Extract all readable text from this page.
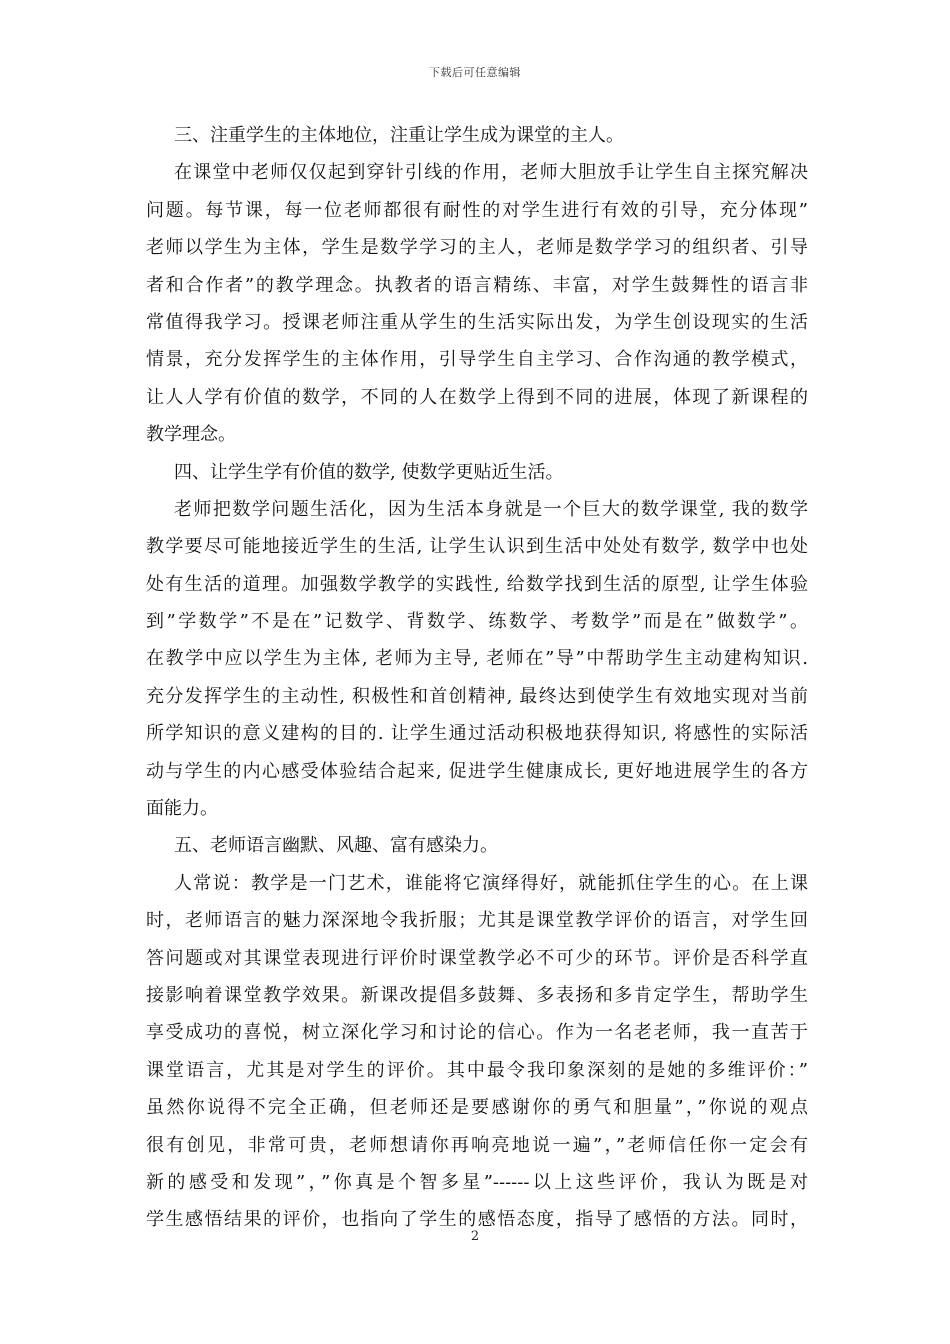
下载后可任意编辑
三、注重学生的主体地位，注重让学生成为课堂的主人。
在课堂中老师仅仅起到穿针引线的作用，老师大胆放手让学生自主探究解决
问题。每节课，每一位老师都很有耐性的对学生进行有效的引导，充分体现”
老师以学生为主体，学生是数学学习的主人，老师是数学学习的组织者、引导
者和合作者”的教学理念。执教者的语言精练、丰富，对学生鼓舞性的语言非
常值得我学习。授课老师注重从学生的生活实际出发，为学生创设现实的生活
情景，充分发挥学生的主体作用，引导学生自主学习、合作沟通的教学模式，
让人人学有价值的数学，不同的人在数学上得到不同的进展，体现了新课程的
教学理念。
四、让学生学有价值的数学, 使数学更贴近生活。
老师把数学问题生活化，因为生活本身就是一个巨大的数学课堂, 我的数学
教学要尽可能地接近学生的生活, 让学生认识到生活中处处有数学, 数学中也处
处有生活的道理。加强数学教学的实践性, 给数学找到生活的原型, 让学生体验
到”学数学”不是在”记数学、背数学、练数学、考数学”而是在”做数学”。
在教学中应以学生为主体, 老师为主导, 老师在”导”中帮助学生主动建构知识.
充分发挥学生的主动性, 积极性和首创精神, 最终达到使学生有效地实现对当前
所学知识的意义建构的目的. 让学生通过活动积极地获得知识, 将感性的实际活
动与学生的内心感受体验结合起来, 促进学生健康成长, 更好地进展学生的各方
面能力。
五、老师语言幽默、风趣、富有感染力。
人常说：教学是一门艺术，谁能将它演绎得好，就能抓住学生的心。在上课
时，老师语言的魅力深深地令我折服；尤其是课堂教学评价的语言，对学生回
答问题或对其课堂表现进行评价时课堂教学必不可少的环节。评价是否科学直
接影响着课堂教学效果。新课改提倡多鼓舞、多表扬和多肯定学生，帮助学生
享受成功的喜悦，树立深化学习和讨论的信心。作为一名老老师，我一直苦于
课堂语言，尤其是对学生的评价。其中最令我印象深刻的是她的多维评价：”
虽然你说得不完全正确，但老师还是要感谢你的勇气和胆量”，”你说的观点
很有创见，非常可贵，老师想请你再响亮地说一遍”，”老师信任你一定会有
新的感受和发现”，”你真是个智多星”------以上这些评价，我认为既是对
学生感悟结果的评价，也指向了学生的感悟态度，指导了感悟的方法。同时，
2
